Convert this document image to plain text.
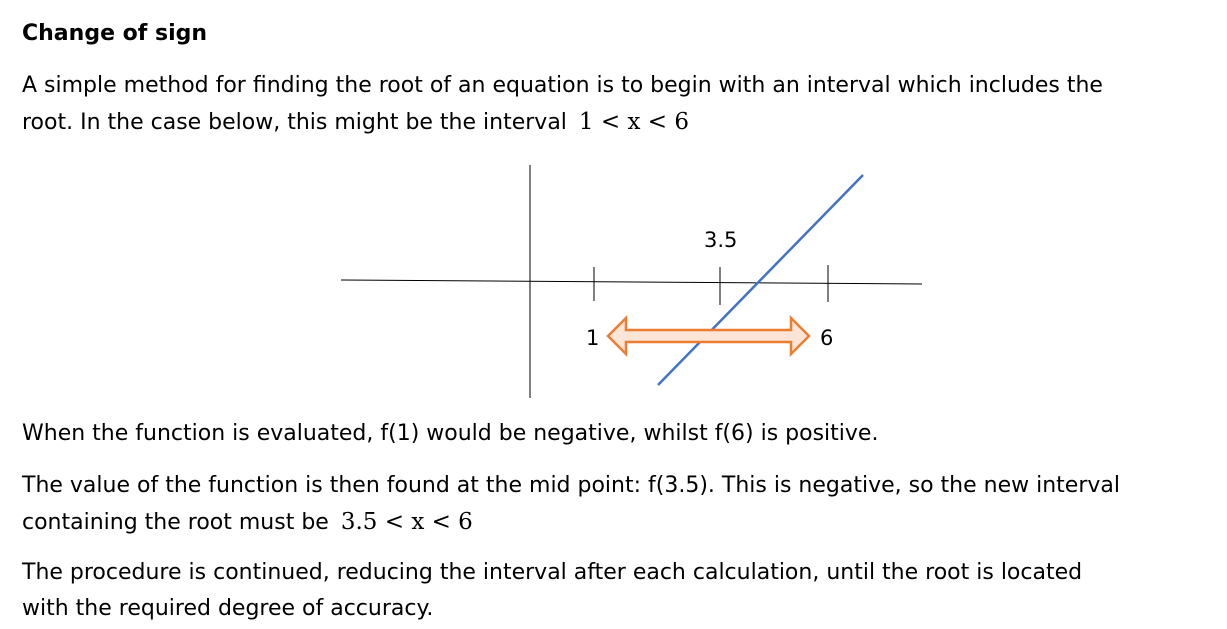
Change of sign
A simple method for finding the root of an equation is to begin with an interval which includes the
root. In the case below, this might be the interval 1 < x < 6
1
3.5
6
When the function is evaluated, f(1) would be negative, whilst f(6) is positive.
The value of the function is then found at the mid point: f(3.5). This is negative, so the new interval
containing the root must be 3.5 < x < 6
The procedure is continued, reducing the interval after each calculation, until the root is located
with the required degree of accuracy.
